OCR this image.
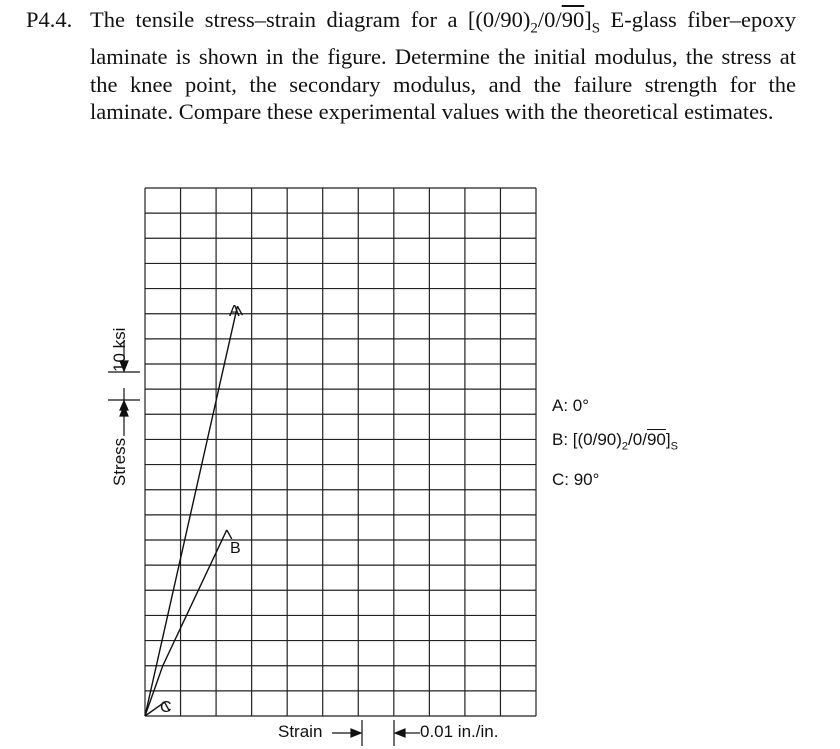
P4.4. The tensile stress–strain diagram for a $[(0/90)_2/0/90]_S$ E-glass fiber–epoxy laminate is shown in the figure. Determine the initial modulus, the stress at the knee point, the secondary modulus, and the failure strength for the laminate. Compare these experimental values with the theoretical estimates.
A
B
C
Stress
10 ksi
Strain	0.01 in./in.
A: 0°
B: $[(0/90)_2/0/90]_S$
C: 90°
